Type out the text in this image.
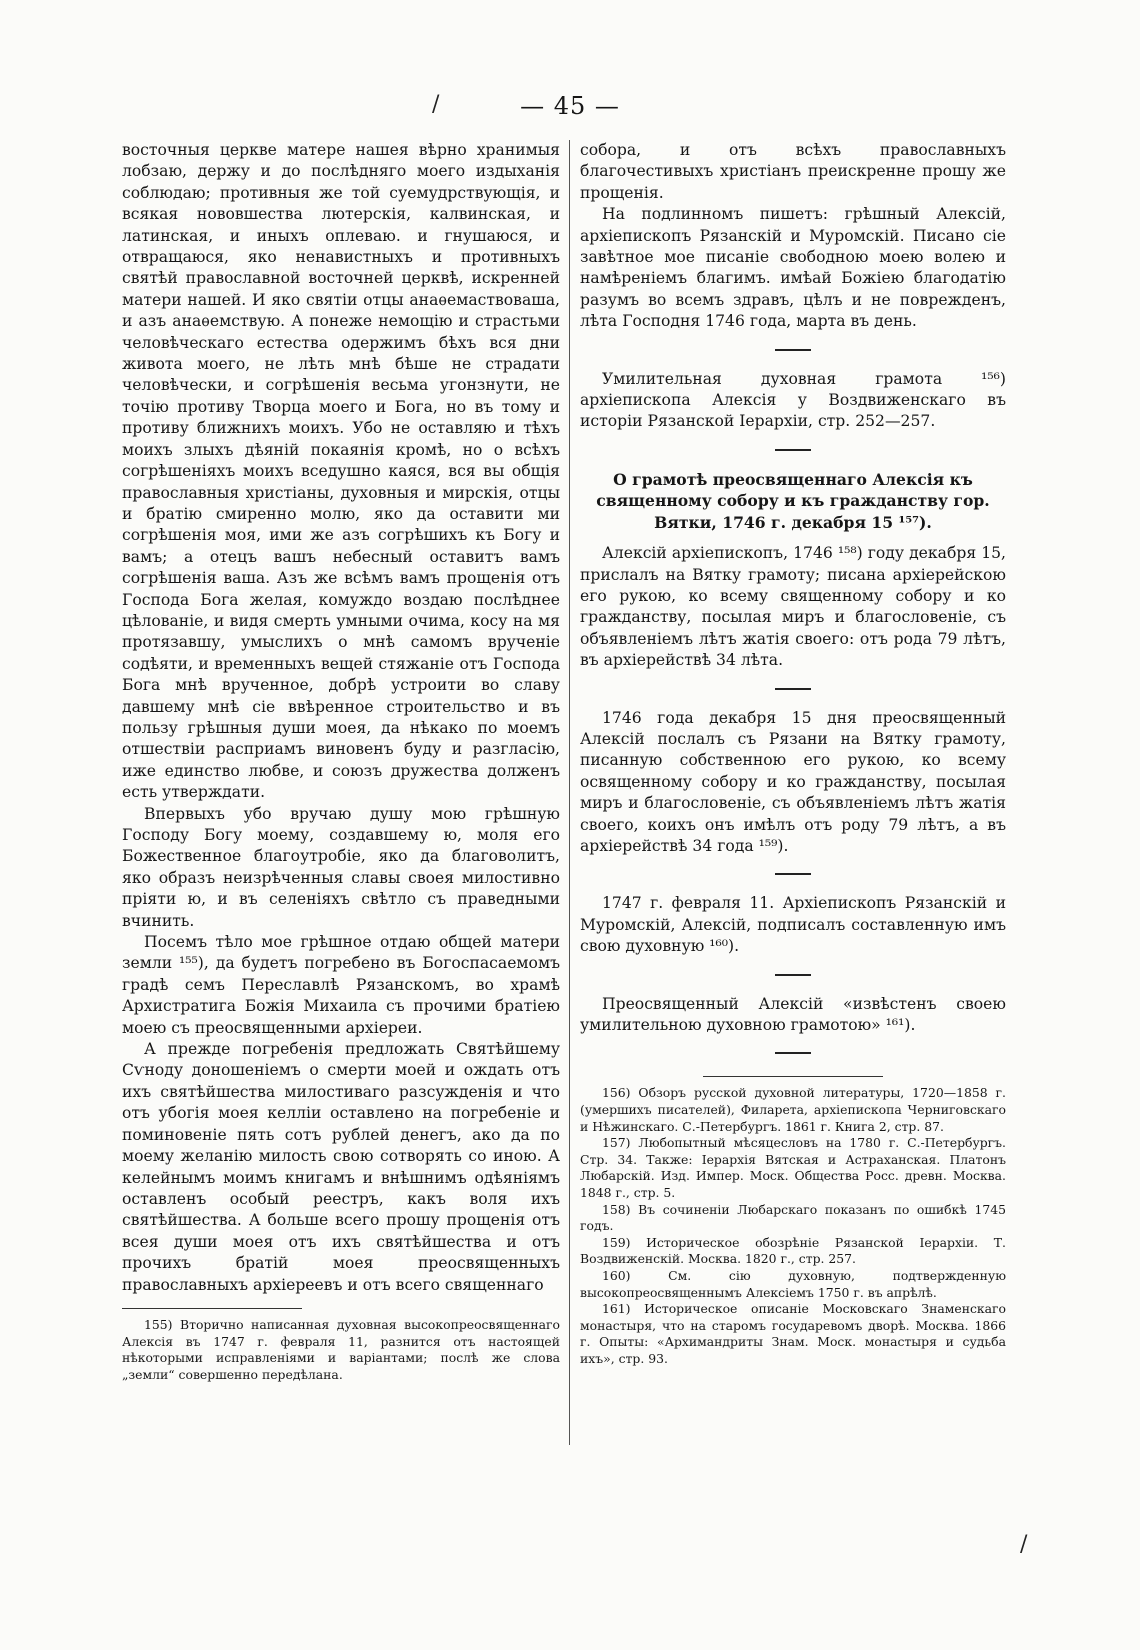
— 45 —
/
/

восточныя церкве матере нашея вѣрно хранимыя лобзаю, держу и до послѣдняго моего издыханія соблюдаю; противныя же той суемудрствующія, и всякая нововшества лютерскія, калвинская, и латинская, и иныхъ оплеваю. и гнушаюся, и отвращаюся, яко ненавистныхъ и противныхъ святѣй православной восточней церквѣ, искренней матери нашей. И яко святіи отцы анаѳемаствоваша, и азъ анаѳемствую. А понеже немощію и страстьми человѣческаго естества одержимъ бѣхъ вся дни живота моего, не лѣть мнѣ бѣше не страдати человѣчески, и согрѣшенія весьма угонзнути, не точію противу Творца моего и Бога, но въ тому и противу ближнихъ моихъ. Убо не оставляю и тѣхъ моихъ злыхъ дѣяній покаянія кромѣ, но о всѣхъ согрѣшеніяхъ моихъ вседушно каяся, вся вы общія православныя христіаны, духовныя и мирскія, отцы и братію смиренно молю, яко да оставити ми согрѣшенія моя, ими же азъ согрѣшихъ къ Богу и вамъ; а отецъ вашъ небесный оставитъ вамъ согрѣшенія ваша. Азъ же всѣмъ вамъ прощенія отъ Господа Бога желая, комуждо воздаю послѣднее цѣлованіе, и видя смерть умными очима, косу на мя протязавшу, умыслихъ о мнѣ самомъ врученіе содѣяти, и временныхъ вещей стяжаніе отъ Господа Бога мнѣ врученное, добрѣ устроити во славу давшему мнѣ сіе ввѣренное строительство и въ пользу грѣшныя души моея, да нѣкако по моемъ отшествіи расприамъ виновенъ буду и разгласію, иже единство любве, и союзъ дружества долженъ есть утверждати.

Впервыхъ убо вручаю душу мою грѣшную Господу Богу моему, создавшему ю, моля его Божественное благоутробіе, яко да благоволитъ, яко образъ неизрѣченныя славы своея милостивно пріяти ю, и въ селеніяхъ свѣтло съ праведными вчинить.

Посемъ тѣло мое грѣшное отдаю общей матери земли ¹⁵⁵), да будетъ погребено въ Богоспасаемомъ градѣ семъ Переславлѣ Рязанскомъ, во храмѣ Архистратига Божія Михаила съ прочими братіею моею съ преосвященными архіереи.

А прежде погребенія предложать Святѣйшему Сѵноду доношеніемъ о смерти моей и ождать отъ ихъ святѣйшества милостиваго разсужденія и что отъ убогія моея келліи оставлено на погребеніе и поминовеніе пять сотъ рублей денегъ, ако да по моему желанію милость свою сотворять со иною. А келейнымъ моимъ книгамъ и внѣшнимъ одѣяніямъ оставленъ особый реестръ, какъ воля ихъ святѣйшества. А больше всего прошу прощенія отъ всея души моея отъ ихъ святѣйшества и отъ прочихъ братій моея преосвященныхъ православныхъ архіереевъ и отъ всего священнаго

155) Вторично написанная духовная высокопреосвященнаго Алексія въ 1747 г. февраля 11, разнится отъ настоящей нѣкоторыми исправленіями и варіантами; послѣ же слова „земли“ совершенно передѣлана.

собора, и отъ всѣхъ православныхъ благочестивыхъ христіанъ преискренне прошу же прощенія.

На подлинномъ пишетъ: грѣшный Алексій, архіепископъ Рязанскій и Муромскій. Писано сіе завѣтное мое писаніе свободною моею волею и намѣреніемъ благимъ. имѣай Божіею благодатію разумъ во всемъ здравъ, цѣлъ и не поврежденъ, лѣта Господня 1746 года, марта въ день.

Умилительная духовная грамота ¹⁵⁶) архіепископа Алексія у Воздвиженскаго въ исторіи Рязанской Іерархіи, стр. 252—257.

О грамотѣ преосвященнаго Алексія къ священному собору и къ гражданству гор. Вятки, 1746 г. декабря 15 ¹⁵⁷).

Алексій архіепископъ, 1746 ¹⁵⁸) году декабря 15, прислалъ на Вятку грамоту; писана архіерейскою его рукою, ко всему священному собору и ко гражданству, посылая миръ и благословеніе, съ объявленіемъ лѣтъ жатія своего: отъ рода 79 лѣтъ, въ архіерействѣ 34 лѣта.

1746 года декабря 15 дня преосвященный Алексій послалъ съ Рязани на Вятку грамоту, писанную собственною его рукою, ко всему освященному собору и ко гражданству, посылая миръ и благословеніе, съ объявленіемъ лѣтъ жатія своего, коихъ онъ имѣлъ отъ роду 79 лѣтъ, а въ архіерействѣ 34 года ¹⁵⁹).

1747 г. февраля 11. Архіепископъ Рязанскій и Муромскій, Алексій, подписалъ составленную имъ свою духовную ¹⁶⁰).

Преосвященный Алексій «извѣстенъ своею умилительною духовною грамотою» ¹⁶¹).

156) Обзоръ русской духовной литературы, 1720—1858 г. (умершихъ писателей), Филарета, архіепископа Черниговскаго и Нѣжинскаго. С.-Петербургъ. 1861 г. Книга 2, стр. 87.

157) Любопытный мѣсяцесловъ на 1780 г. С.-Петербургъ. Стр. 34. Также: Іерархія Вятская и Астраханская. Платонъ Любарскій. Изд. Импер. Моск. Общества Росс. древн. Москва. 1848 г., стр. 5.

158) Въ сочиненіи Любарскаго показанъ по ошибкѣ 1745 годъ.

159) Историческое обозрѣніе Рязанской Іерархіи. Т. Воздвиженскій. Москва. 1820 г., стр. 257.

160) См. сію духовную, подтвержденную высокопреосвященнымъ Алексіемъ 1750 г. въ апрѣлѣ.

161) Историческое описаніе Московскаго Знаменскаго монастыря, что на старомъ государевомъ дворѣ. Москва. 1866 г. Опыты: «Архимандриты Знам. Моск. монастыря и судьба ихъ», стр. 93.
